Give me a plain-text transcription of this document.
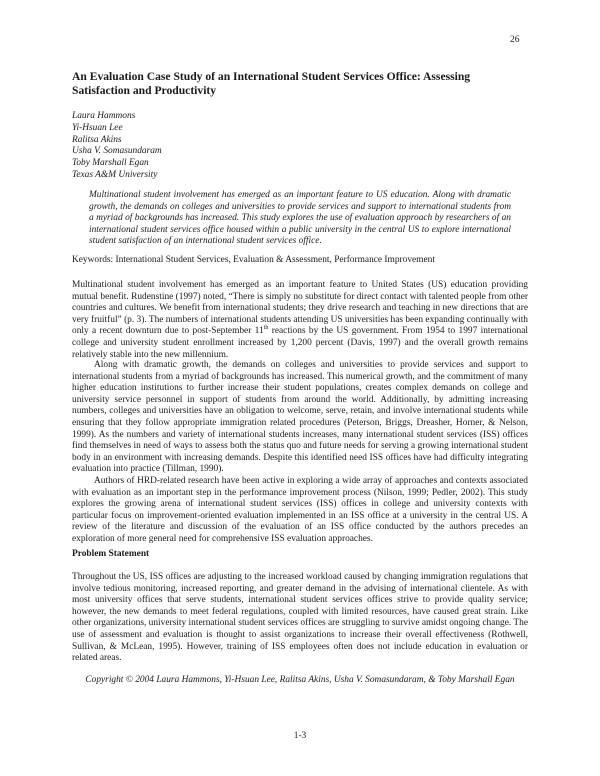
26
An Evaluation Case Study of an International Student Services Office: Assessing Satisfaction and Productivity
Laura Hammons
Yi-Hsuan Lee
Ralitsa Akins
Usha V. Somasundaram
Toby Marshall Egan
Texas A&M University
Multinational student involvement has emerged as an important feature to US education. Along with dramatic growth, the demands on colleges and universities to provide services and support to international students from a myriad of backgrounds has increased. This study explores the use of evaluation approach by researchers of an international student services office housed within a public university in the central US to explore international student satisfaction of an international student services office.
Keywords: International Student Services, Evaluation & Assessment, Performance Improvement
Multinational student involvement has emerged as an important feature to United States (US) education providing mutual benefit. Rudenstine (1997) noted, “There is simply no substitute for direct contact with talented people from other countries and cultures. We benefit from international students; they drive research and teaching in new directions that are very fruitful” (p. 3). The numbers of international students attending US universities has been expanding continually with only a recent downturn due to post-September 11th reactions by the US government. From 1954 to 1997 international college and university student enrollment increased by 1,200 percent (Davis, 1997) and the overall growth remains relatively stable into the new millennium.
Along with dramatic growth, the demands on colleges and universities to provide services and support to international students from a myriad of backgrounds has increased. This numerical growth, and the commitment of many higher education institutions to further increase their student populations, creates complex demands on college and university service personnel in support of students from around the world. Additionally, by admitting increasing numbers, colleges and universities have an obligation to welcome, serve, retain, and involve international students while ensuring that they follow appropriate immigration related procedures (Peterson, Briggs, Dreasher, Horner, & Nelson, 1999). As the numbers and variety of international students increases, many international student services (ISS) offices find themselves in need of ways to assess both the status quo and future needs for serving a growing international student body in an environment with increasing demands. Despite this identified need ISS offices have had difficulty integrating evaluation into practice (Tillman, 1990).
Authors of HRD-related research have been active in exploring a wide array of approaches and contexts associated with evaluation as an important step in the performance improvement process (Nilson, 1999; Pedler, 2002). This study explores the growing arena of international student services (ISS) offices in college and university contexts with particular focus on improvement-oriented evaluation implemented in an ISS office at a university in the central US. A review of the literature and discussion of the evaluation of an ISS office conducted by the authors precedes an exploration of more general need for comprehensive ISS evaluation approaches.
Problem Statement
Throughout the US, ISS offices are adjusting to the increased workload caused by changing immigration regulations that involve tedious monitoring, increased reporting, and greater demand in the advising of international clientele. As with most university offices that serve students, international student services offices strive to provide quality service; however, the new demands to meet federal regulations, coupled with limited resources, have caused great strain. Like other organizations, university international student services offices are struggling to survive amidst ongoing change. The use of assessment and evaluation is thought to assist organizations to increase their overall effectiveness (Rothwell, Sullivan, & McLean, 1995). However, training of ISS employees often does not include education in evaluation or related areas.
Copyright © 2004 Laura Hammons, Yi-Hsuan Lee, Ralitsa Akins, Usha V. Somasundaram, & Toby Marshall Egan
1-3
